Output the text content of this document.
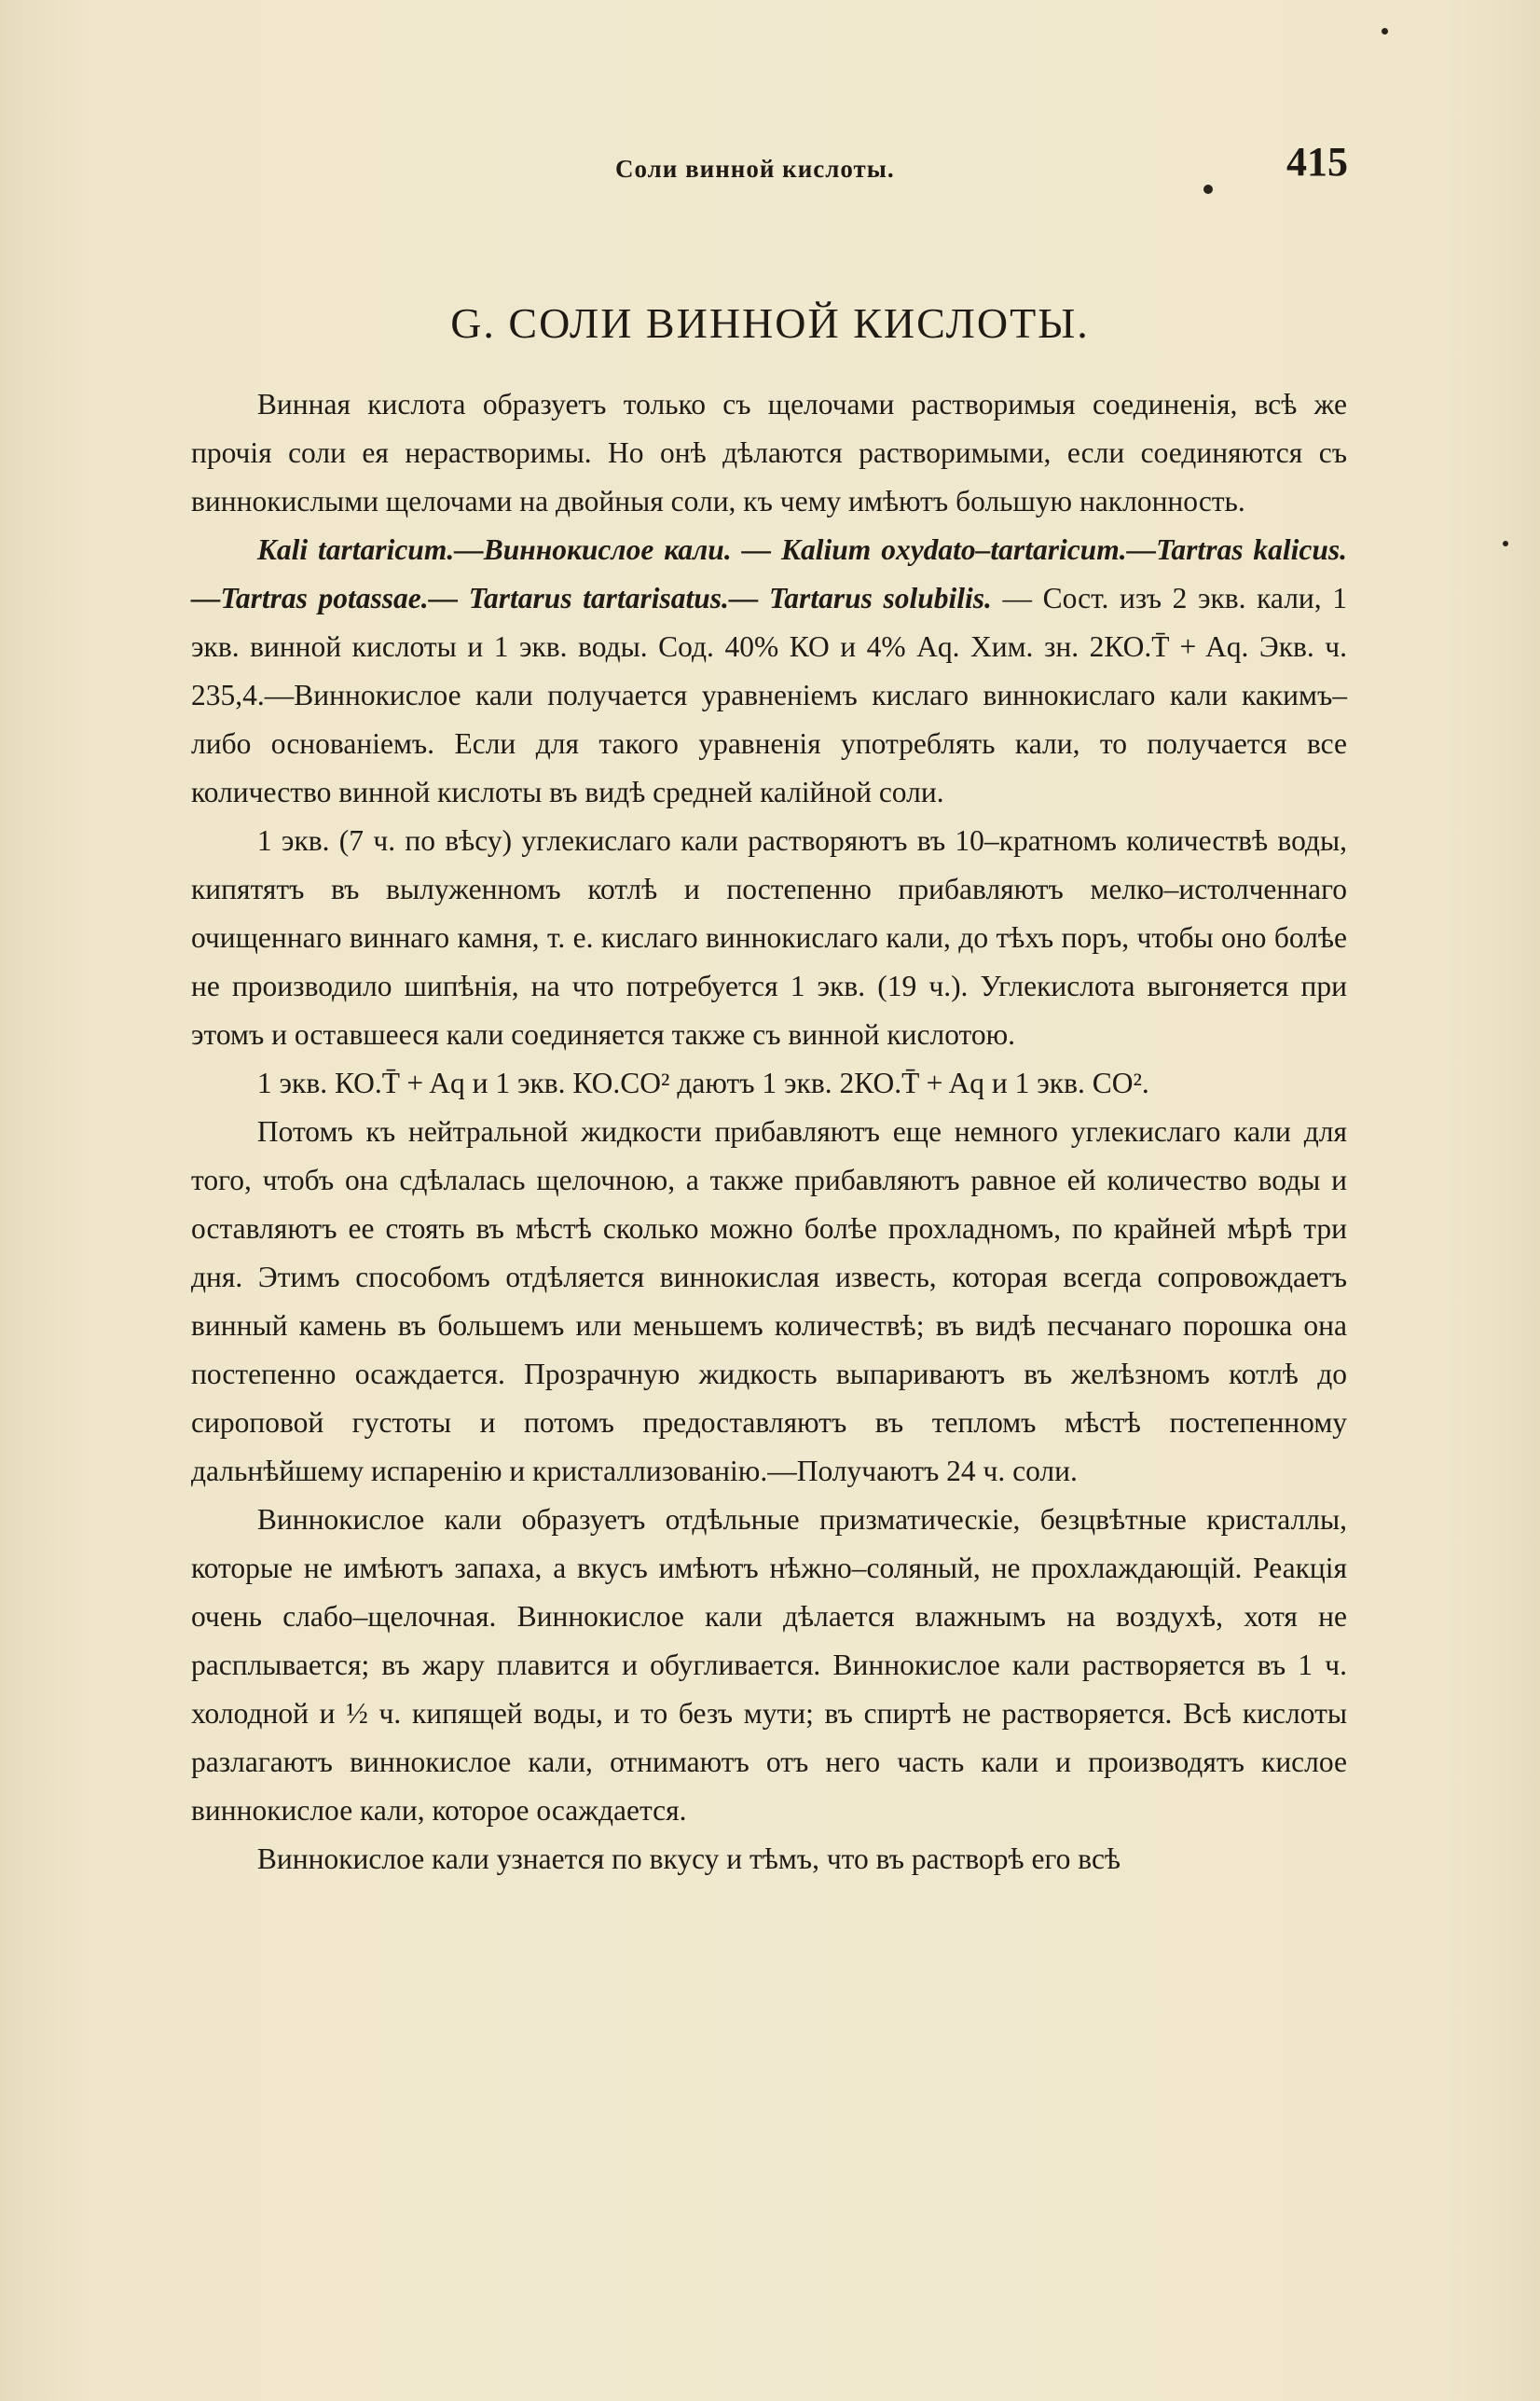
Соли винной кислоты.	415
G. СОЛИ ВИННОЙ КИСЛОТЫ.

Винная кислота образуетъ только съ щелочами растворимыя соединенія, всѣ же прочія соли ея нерастворимы. Но онѣ дѣлаются растворимыми, если соединяются съ виннокислыми щелочами на двойныя соли, къ чему имѣютъ большую наклонность.

Kali tartaricum.—Виннокислое кали. — Kalium oxydato–tartaricum.—Tartras kalicus.—Tartras potassae.— Tartarus tartarisatus.— Tartarus solubilis. — Сост. изъ 2 экв. кали, 1 экв. винной кислоты и 1 экв. воды. Сод. 40% КО и 4% Aq. Хим. зн. 2КО.T̄ + Aq. Экв. ч. 235,4.—Виннокислое кали получается уравненіемъ кислаго виннокислаго кали какимъ–либо основаніемъ. Если для такого уравненія употреблять кали, то получается все количество винной кислоты въ видѣ средней калійной соли.

1 экв. (7 ч. по вѣсу) углекислаго кали растворяютъ въ 10–кратномъ количествѣ воды, кипятятъ въ вылуженномъ котлѣ и постепенно прибавляютъ мелко–истолченнаго очищеннаго виннаго камня, т. е. кислаго виннокислаго кали, до тѣхъ поръ, чтобы оно болѣе не производило шипѣнія, на что потребуется 1 экв. (19 ч.). Углекислота выгоняется при этомъ и оставшееся кали соединяется также съ винной кислотою.

1 экв. КО.T̄ + Aq и 1 экв. КО.CO² даютъ 1 экв. 2КО.T̄ + Aq и 1 экв. CO².

Потомъ къ нейтральной жидкости прибавляютъ еще немного углекислаго кали для того, чтобъ она сдѣлалась щелочною, а также прибавляютъ равное ей количество воды и оставляютъ ее стоять въ мѣстѣ сколько можно болѣе прохладномъ, по крайней мѣрѣ три дня. Этимъ способомъ отдѣляется виннокислая известь, которая всегда сопровождаетъ винный камень въ большемъ или меньшемъ количествѣ; въ видѣ песчанаго порошка она постепенно осаждается. Прозрачную жидкость выпариваютъ въ желѣзномъ котлѣ до сироповой густоты и потомъ предоставляютъ въ тепломъ мѣстѣ постепенному дальнѣйшему испаренію и кристаллизованію.—Получаютъ 24 ч. соли.

Виннокислое кали образуетъ отдѣльные призматическіе, безцвѣтные кристаллы, которые не имѣютъ запаха, а вкусъ имѣютъ нѣжно–соляный, не прохлаждающій. Реакція очень слабо–щелочная. Виннокислое кали дѣлается влажнымъ на воздухѣ, хотя не расплывается; въ жару плавится и обугливается. Виннокислое кали растворяется въ 1 ч. холодной и ½ ч. кипящей воды, и то безъ мути; въ спиртѣ не растворяется. Всѣ кислоты разлагаютъ виннокислое кали, отнимаютъ отъ него часть кали и производятъ кислое виннокислое кали, которое осаждается.

Виннокислое кали узнается по вкусу и тѣмъ, что въ растворѣ его всѣ
